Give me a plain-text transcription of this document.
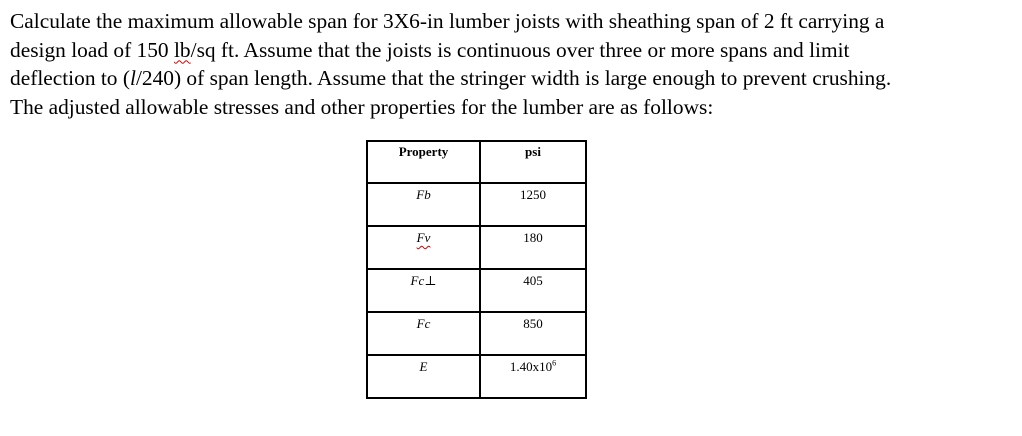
Calculate the maximum allowable span for 3X6-in lumber joists with sheathing span of 2 ft carrying a
design load of 150 lb/sq ft. Assume that the joists is continuous over three or more spans and limit
deflection to (l/240) of span length. Assume that the stringer width is large enough to prevent crushing.
The adjusted allowable stresses and other properties for the lumber are as follows:
Property	psi
Fb	1250
Fv	180
Fc⊥	405
Fc	850
E	$1.40x10^6$
